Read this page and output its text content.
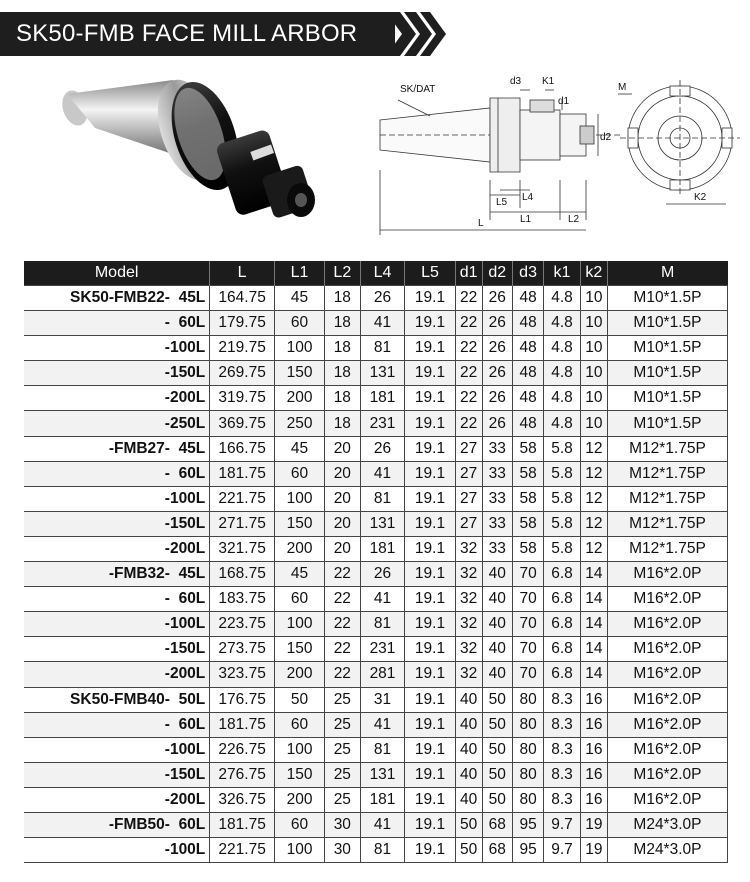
SK50-FMB FACE MILL ARBOR
SK/DAT
d3 K1
d1
d2
L5 L4
L1	L2
L
M
K2
Model	L	L1	L2	L4	L5	d1	d2	d3	k1	k2	M
SK50-FMB22-  45L	164.75	45	18	26	19.1	22	26	48	4.8	10	M10*1.5P
-  60L	179.75	60	18	41	19.1	22	26	48	4.8	10	M10*1.5P
-100L	219.75	100	18	81	19.1	22	26	48	4.8	10	M10*1.5P
-150L	269.75	150	18	131	19.1	22	26	48	4.8	10	M10*1.5P
-200L	319.75	200	18	181	19.1	22	26	48	4.8	10	M10*1.5P
-250L	369.75	250	18	231	19.1	22	26	48	4.8	10	M10*1.5P
-FMB27-  45L	166.75	45	20	26	19.1	27	33	58	5.8	12	M12*1.75P
-  60L	181.75	60	20	41	19.1	27	33	58	5.8	12	M12*1.75P
-100L	221.75	100	20	81	19.1	27	33	58	5.8	12	M12*1.75P
-150L	271.75	150	20	131	19.1	27	33	58	5.8	12	M12*1.75P
-200L	321.75	200	20	181	19.1	32	33	58	5.8	12	M12*1.75P
-FMB32-  45L	168.75	45	22	26	19.1	32	40	70	6.8	14	M16*2.0P
-  60L	183.75	60	22	41	19.1	32	40	70	6.8	14	M16*2.0P
-100L	223.75	100	22	81	19.1	32	40	70	6.8	14	M16*2.0P
-150L	273.75	150	22	231	19.1	32	40	70	6.8	14	M16*2.0P
-200L	323.75	200	22	281	19.1	32	40	70	6.8	14	M16*2.0P
SK50-FMB40-  50L	176.75	50	25	31	19.1	40	50	80	8.3	16	M16*2.0P
-  60L	181.75	60	25	41	19.1	40	50	80	8.3	16	M16*2.0P
-100L	226.75	100	25	81	19.1	40	50	80	8.3	16	M16*2.0P
-150L	276.75	150	25	131	19.1	40	50	80	8.3	16	M16*2.0P
-200L	326.75	200	25	181	19.1	40	50	80	8.3	16	M16*2.0P
-FMB50-  60L	181.75	60	30	41	19.1	50	68	95	9.7	19	M24*3.0P
-100L	221.75	100	30	81	19.1	50	68	95	9.7	19	M24*3.0P
